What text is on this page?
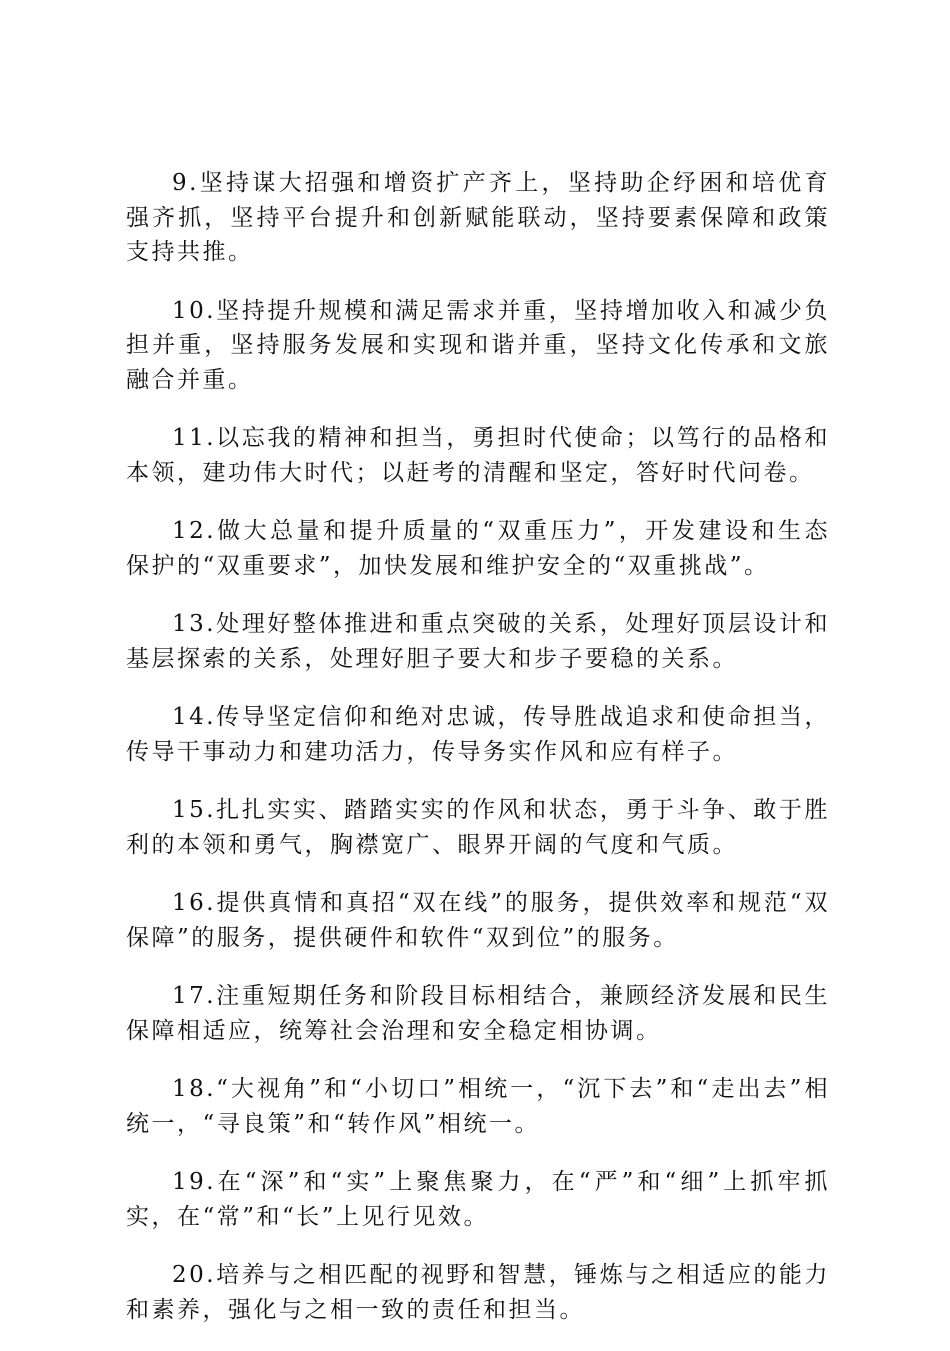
9.坚持谋大招强和增资扩产齐上，坚持助企纾困和培优育强齐抓，坚持平台提升和创新赋能联动，坚持要素保障和政策支持共推。

10.坚持提升规模和满足需求并重，坚持增加收入和减少负担并重，坚持服务发展和实现和谐并重，坚持文化传承和文旅融合并重。

11.以忘我的精神和担当，勇担时代使命；以笃行的品格和本领，建功伟大时代；以赶考的清醒和坚定，答好时代问卷。

12.做大总量和提升质量的“双重压力”，开发建设和生态保护的“双重要求”，加快发展和维护安全的“双重挑战”。

13.处理好整体推进和重点突破的关系，处理好顶层设计和基层探索的关系，处理好胆子要大和步子要稳的关系。

14.传导坚定信仰和绝对忠诚，传导胜战追求和使命担当，传导干事动力和建功活力，传导务实作风和应有样子。

15.扎扎实实、踏踏实实的作风和状态，勇于斗争、敢于胜利的本领和勇气，胸襟宽广、眼界开阔的气度和气质。

16.提供真情和真招“双在线”的服务，提供效率和规范“双保障”的服务，提供硬件和软件“双到位”的服务。

17.注重短期任务和阶段目标相结合，兼顾经济发展和民生保障相适应，统筹社会治理和安全稳定相协调。

18.“大视角”和“小切口”相统一，“沉下去”和“走出去”相统一，“寻良策”和“转作风”相统一。

19.在“深”和“实”上聚焦聚力，在“严”和“细”上抓牢抓实，在“常”和“长”上见行见效。

20.培养与之相匹配的视野和智慧，锤炼与之相适应的能力和素养，强化与之相一致的责任和担当。
